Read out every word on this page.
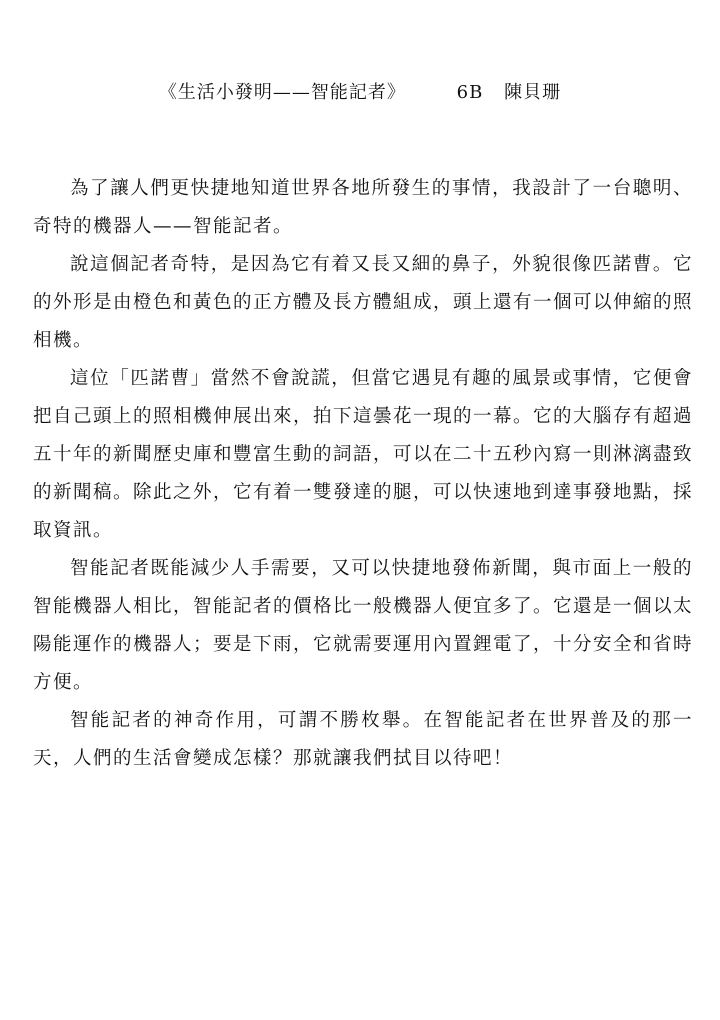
《生活小發明——智能記者》	6B 陳貝珊

為了讓人們更快捷地知道世界各地所發生的事情，我設計了一台聰明、奇特的機器人——智能記者。

說這個記者奇特，是因為它有着又長又細的鼻子，外貌很像匹諾曹。它的外形是由橙色和黃色的正方體及長方體組成，頭上還有一個可以伸縮的照相機。

這位「匹諾曹」當然不會說謊，但當它遇見有趣的風景或事情，它便會把自己頭上的照相機伸展出來，拍下這曇花一現的一幕。它的大腦存有超過五十年的新聞歷史庫和豐富生動的詞語，可以在二十五秒內寫一則淋漓盡致的新聞稿。除此之外，它有着一雙發達的腿，可以快速地到達事發地點，採取資訊。

智能記者既能減少人手需要，又可以快捷地發佈新聞，與市面上一般的智能機器人相比，智能記者的價格比一般機器人便宜多了。它還是一個以太陽能運作的機器人；要是下雨，它就需要運用內置鋰電了，十分安全和省時方便。

智能記者的神奇作用，可謂不勝枚舉。在智能記者在世界普及的那一天，人們的生活會變成怎樣？那就讓我們拭目以待吧！
